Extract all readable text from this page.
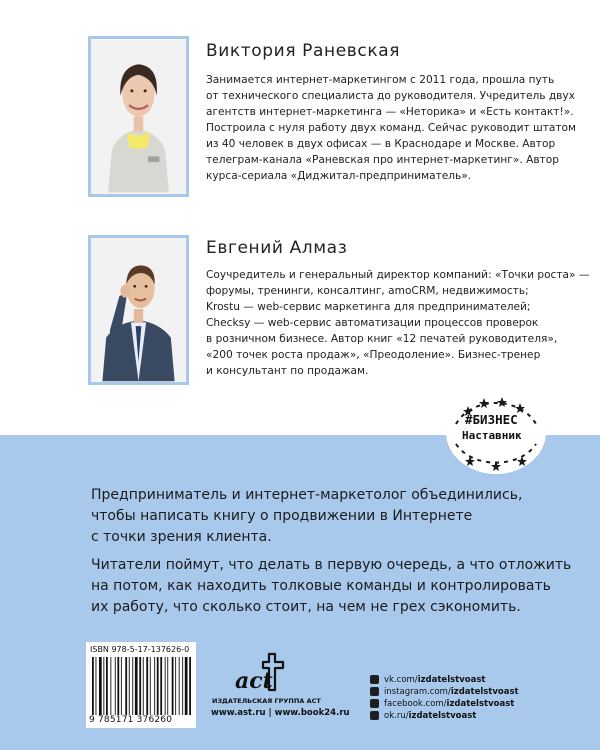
Виктория Раневская
Занимается интернет-маркетингом с 2011 года, прошла путь
от технического специалиста до руководителя. Учредитель двух
агентств интернет-маркетинга — «Неторика» и «Есть контакт!».
Построила с нуля работу двух команд. Сейчас руководит штатом
из 40 человек в двух офисах — в Краснодаре и Москве. Автор
телеграм-канала «Раневская про интернет-маркетинг». Автор
курса-сериала «Диджитал-предприниматель».
Евгений Алмаз
Соучредитель и генеральный директор компаний: «Точки роста» —
форумы, тренинги, консалтинг, amoCRM, недвижимость;
Krostu — web-сервис маркетинга для предпринимателей;
Checksy — web-сервис автоматизации процессов проверок
в розничном бизнесе. Автор книг «12 печатей руководителя»,
«200 точек роста продаж», «Преодоление». Бизнес-тренер
и консультант по продажам.
#БИЗНЕС
Наставник
Предприниматель и интернет-маркетолог объединились,
чтобы написать книгу о продвижении в Интернете
с точки зрения клиента.
Читатели поймут, что делать в первую очередь, а что отложить
на потом, как находить толковые команды и контролировать
их работу, что сколько стоит, на чем не грех сэкономить.
ISBN 978-5-17-137626-0
9 785171 376260
act
ИЗДАТЕЛЬСКАЯ ГРУППА АСТ
www.ast.ru | www.book24.ru
vk.com/izdatelstvoast
instagram.com/izdatelstvoast
facebook.com/izdatelstvoast
ok.ru/izdatelstvoast
